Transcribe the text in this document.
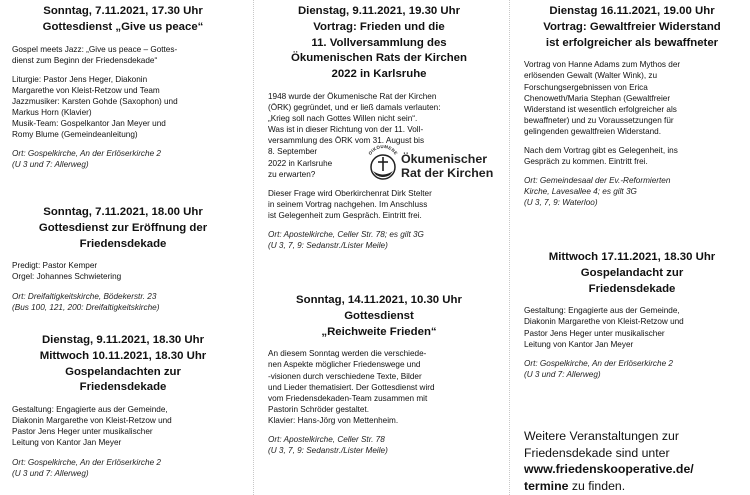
Sonntag, 7.11.2021, 17.30 Uhr
Gottesdienst „Give us peace“

Gospel meets Jazz: „Give us peace – Gottes-
dienst zum Beginn der Friedensdekade“

Liturgie: Pastor Jens Heger, Diakonin
Margarethe von Kleist-Retzow und Team
Jazzmusiker: Karsten Gohde (Saxophon) und
Markus Horn (Klavier)
Musik-Team: Gospelkantor Jan Meyer und
Romy Blume (Gemeindeanleitung)

Ort: Gospelkirche, An der Erlöserkirche 2
(U 3 und 7: Allerweg)

Sonntag, 7.11.2021, 18.00 Uhr
Gottesdienst zur Eröffnung der
Friedensdekade

Predigt: Pastor Kemper
Orgel: Johannes Schwietering

Ort: Dreifaltigkeitskirche, Bödekerstr. 23
(Bus 100, 121, 200: Dreifaltigkeitskirche)

Dienstag, 9.11.2021, 18.30 Uhr
Mittwoch 10.11.2021, 18.30 Uhr
Gospelandachten zur
Friedensdekade

Gestaltung: Engagierte aus der Gemeinde,
Diakonin Margarethe von Kleist-Retzow und
Pastor Jens Heger unter musikalischer
Leitung von Kantor Jan Meyer

Ort: Gospelkirche, An der Erlöserkirche 2
(U 3 und 7: Allerweg)

Dienstag, 9.11.2021, 19.30 Uhr
Vortrag: Frieden und die
11. Vollversammlung des
Ökumenischen Rats der Kirchen
2022 in Karlsruhe

1948 wurde der Ökumenische Rat der Kirchen
(ÖRK) gegründet, und er ließ damals verlauten:
„Krieg soll nach Gottes Willen nicht sein“.
Was ist in dieser Richtung von der 11. Voll-
versammlung des ÖRK vom 31. August bis

8. September
2022 in Karlsruhe
zu erwarten?

OIKOUMENE Ökumenischer
Rat der Kirchen

Dieser Frage wird Oberkirchenrat Dirk Stelter
in seinem Vortrag nachgehen. Im Anschluss
ist Gelegenheit zum Gespräch. Eintritt frei.

Ort: Apostelkirche, Celler Str. 78; es gilt 3G
(U 3, 7, 9: Sedanstr./Lister Meile)

Sonntag, 14.11.2021, 10.30 Uhr
Gottesdienst
„Reichweite Frieden“

An diesem Sonntag werden die verschiede-
nen Aspekte möglicher Friedenswege und
-visionen durch verschiedene Texte, Bilder
und Lieder thematisiert. Der Gottesdienst wird
vom Friedensdekaden-Team zusammen mit
Pastorin Schröder gestaltet.
Klavier: Hans-Jörg von Mettenheim.

Ort: Apostelkirche, Celler Str. 78
(U 3, 7, 9: Sedanstr./Lister Meile)

Dienstag 16.11.2021, 19.00 Uhr
Vortrag: Gewaltfreier Widerstand
ist erfolgreicher als bewaffneter

Vortrag von Hanne Adams zum Mythos der
erlösenden Gewalt (Walter Wink), zu
Forschungsergebnissen von Erica
Chenoweth/Maria Stephan (Gewaltfreier
Widerstand ist wesentlich erfolgreicher als
bewaffneter) und zu Voraussetzungen für
gelingenden gewaltfreien Widerstand.

Nach dem Vortrag gibt es Gelegenheit, ins
Gespräch zu kommen. Eintritt frei.

Ort: Gemeindesaal der Ev.-Reformierten
Kirche, Lavesallee 4; es gilt 3G
(U 3, 7, 9: Waterloo)

Mittwoch 17.11.2021, 18.30 Uhr
Gospelandacht zur
Friedensdekade

Gestaltung: Engagierte aus der Gemeinde,
Diakonin Margarethe von Kleist-Retzow und
Pastor Jens Heger unter musikalischer
Leitung von Kantor Jan Meyer

Ort: Gospelkirche, An der Erlöserkirche 2
(U 3 und 7: Allerweg)

Weitere Veranstaltungen zur
Friedensdekade sind unter
www.friedenskooperative.de/
termine zu finden.
